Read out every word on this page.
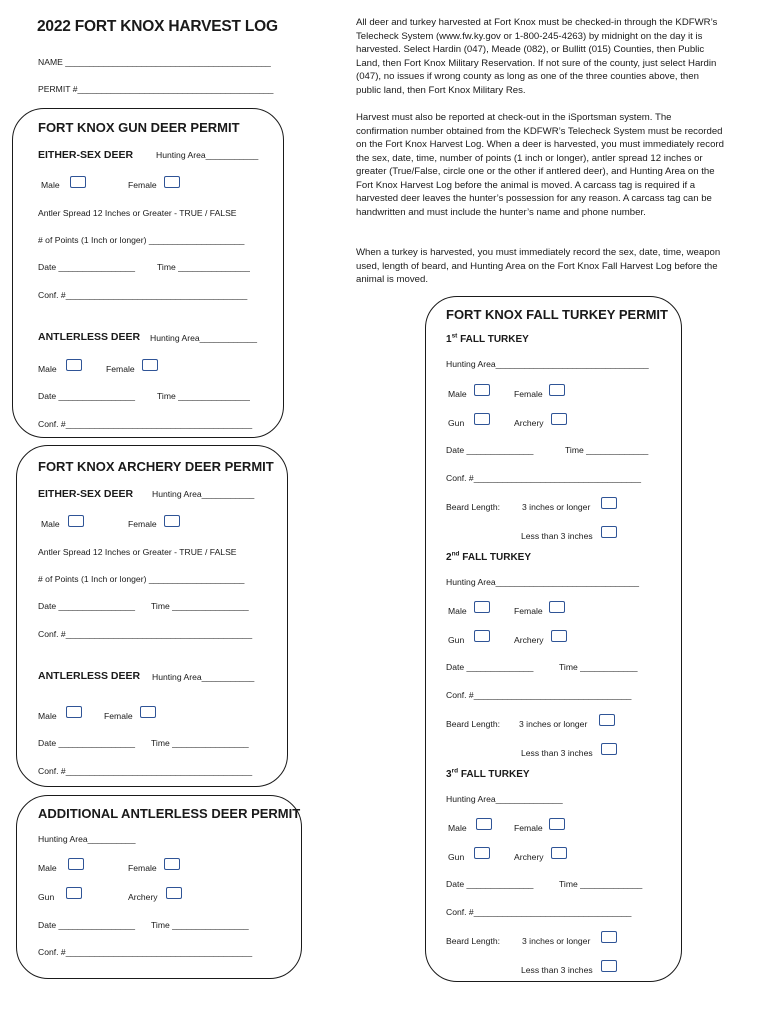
2022 FORT KNOX HARVEST LOG
NAME ___________________________________________
PERMIT #_________________________________________
All deer and turkey harvested at Fort Knox must be checked-in through the KDFWR’s Telecheck System (www.fw.ky.gov or 1-800-245-4263) by midnight on the day it is harvested. Select Hardin (047), Meade (082), or Bullitt (015) Counties, then Public Land, then Fort Knox Military Reservation. If not sure of the county, just select Hardin (047), no issues if wrong county as long as one of the three counties above, then public land, then Fort Knox Military Res.
Harvest must also be reported at check-out in the iSportsman system. The confirmation number obtained from the KDFWR’s Telecheck System must be recorded on the Fort Knox Harvest Log. When a deer is harvested, you must immediately record the sex, date, time, number of points (1 inch or longer), antler spread 12 inches or greater (True/False, circle one or the other if antlered deer), and Hunting Area on the Fort Knox Harvest Log before the animal is moved. A carcass tag is required if a harvested deer leaves the hunter’s possession for any reason. A carcass tag can be handwritten and must include the hunter’s name and phone number.
When a turkey is harvested, you must immediately record the sex, date, time, weapon used, length of beard, and Hunting Area on the Fort Knox Fall Harvest Log before the animal is moved.
FORT KNOX GUN DEER PERMIT
EITHER-SEX DEER	Hunting Area___________
Male	Female
Antler Spread 12 Inches or Greater - TRUE / FALSE
# of Points (1 Inch or longer) ____________________
Date ________________	Time _______________
Conf. #______________________________________
ANTLERLESS DEER Hunting Area____________
Male	Female
Date ________________	Time _______________
Conf. #_______________________________________
FORT KNOX ARCHERY DEER PERMIT
EITHER-SEX DEER Hunting Area___________
Male	Female
Antler Spread 12 Inches or Greater - TRUE / FALSE
# of Points (1 Inch or longer) ____________________
Date ________________ Time ________________
Conf. #_______________________________________
ANTLERLESS DEER Hunting Area___________
Male	Female
Date ________________ Time ________________
Conf. #_______________________________________
ADDITIONAL ANTLERLESS DEER PERMIT
Hunting Area__________
Male	Female
Gun	Archery
Date ________________ Time ________________
Conf. #_______________________________________
FORT KNOX FALL TURKEY PERMIT
1st FALL TURKEY
Hunting Area________________________________
Male	Female
Gun	Archery
Date ______________	Time _____________
Conf. #___________________________________
Beard Length:	3 inches or longer
Less than 3 inches
2nd FALL TURKEY
Hunting Area______________________________
Male	Female
Gun	Archery
Date ______________	Time ____________
Conf. #_________________________________
Beard Length: 3 inches or longer
Less than 3 inches
3rd FALL TURKEY
Hunting Area______________
Male	Female
Gun	Archery
Date ______________	Time _____________
Conf. #_________________________________
Beard Length:	3 inches or longer
Less than 3 inches
